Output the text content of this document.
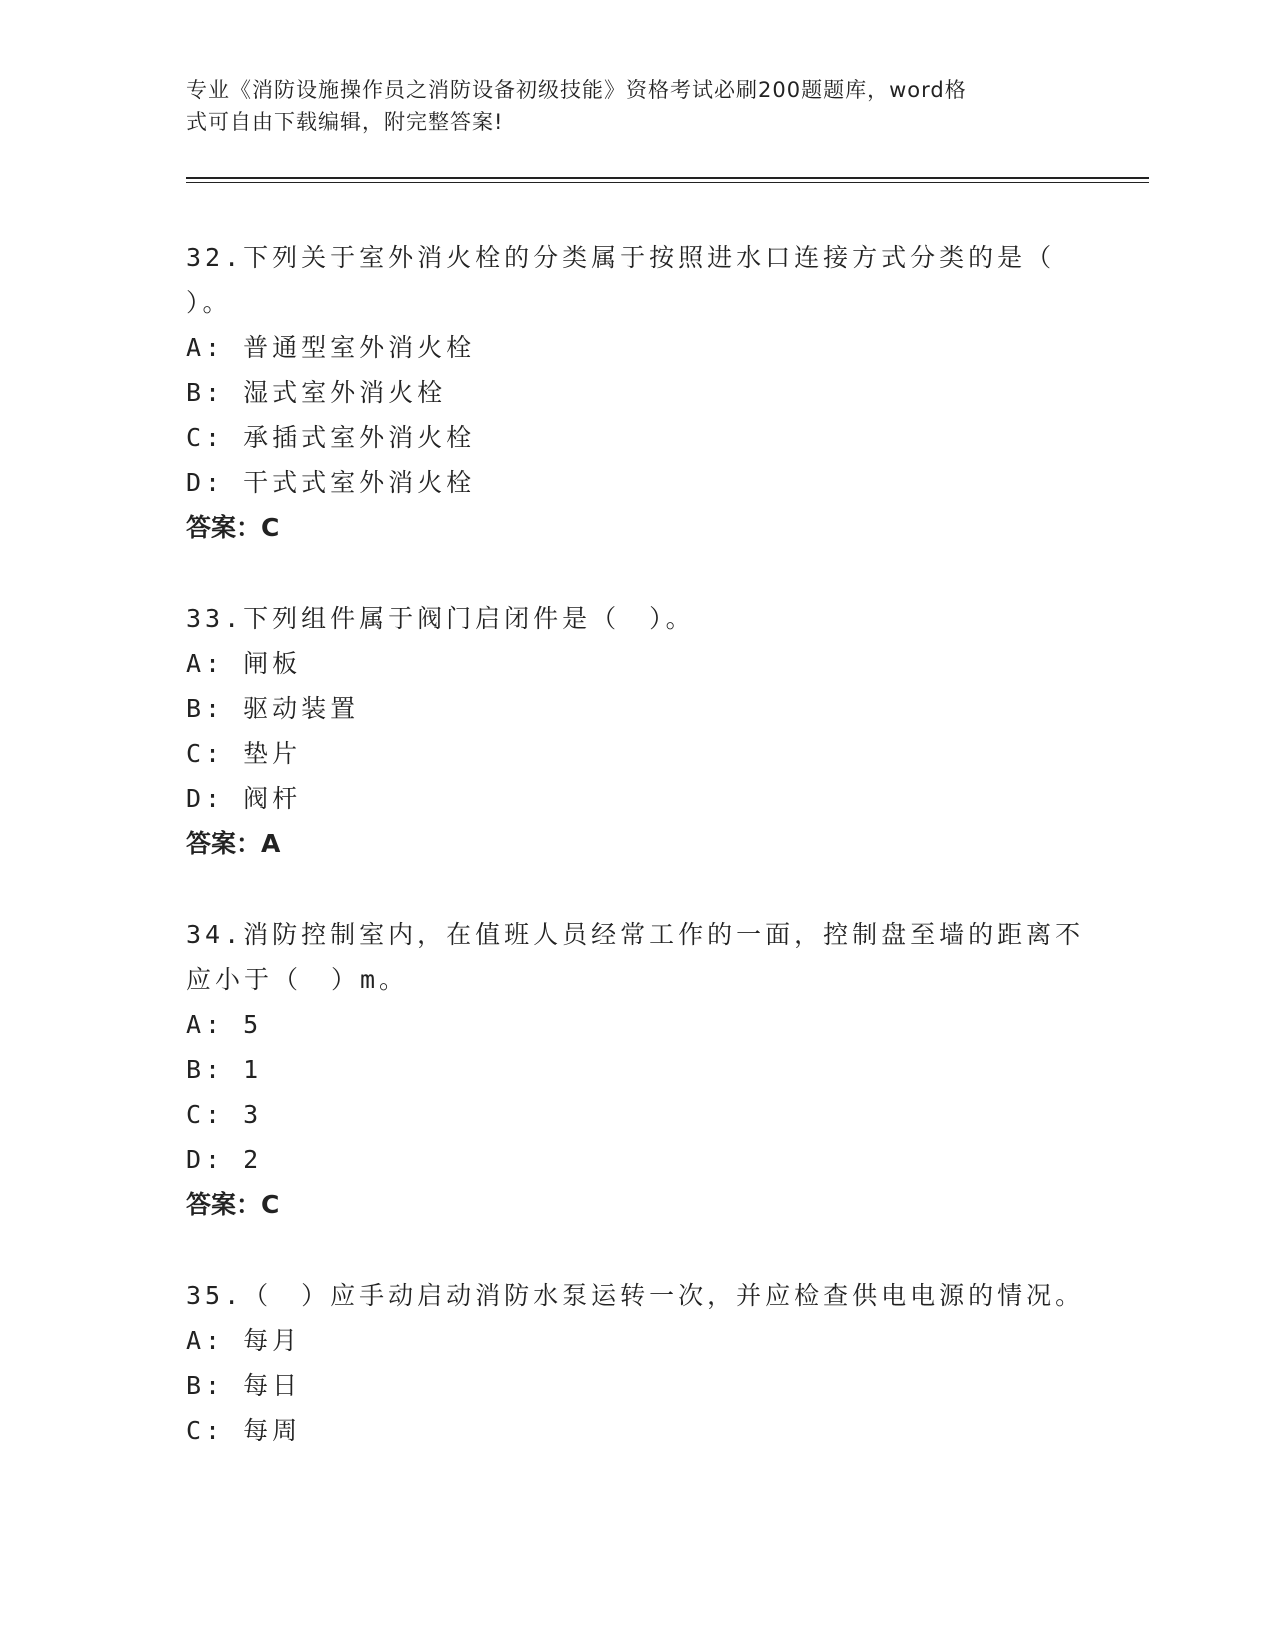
专业《消防设施操作员之消防设备初级技能》资格考试必刷200题题库，word格
式可自由下载编辑，附完整答案!
32.下列关于室外消火栓的分类属于按照进水口连接方式分类的是（
）。
A: 普通型室外消火栓
B: 湿式室外消火栓
C: 承插式室外消火栓
D: 干式式室外消火栓
答案：C
33.下列组件属于阀门启闭件是（　）。
A: 闸板
B: 驱动装置
C: 垫片
D: 阀杆
答案：A
34.消防控制室内，在值班人员经常工作的一面，控制盘至墙的距离不
应小于（　）m。
A: 5
B: 1
C: 3
D: 2
答案：C
35.（　）应手动启动消防水泵运转一次，并应检查供电电源的情况。
A: 每月
B: 每日
C: 每周
